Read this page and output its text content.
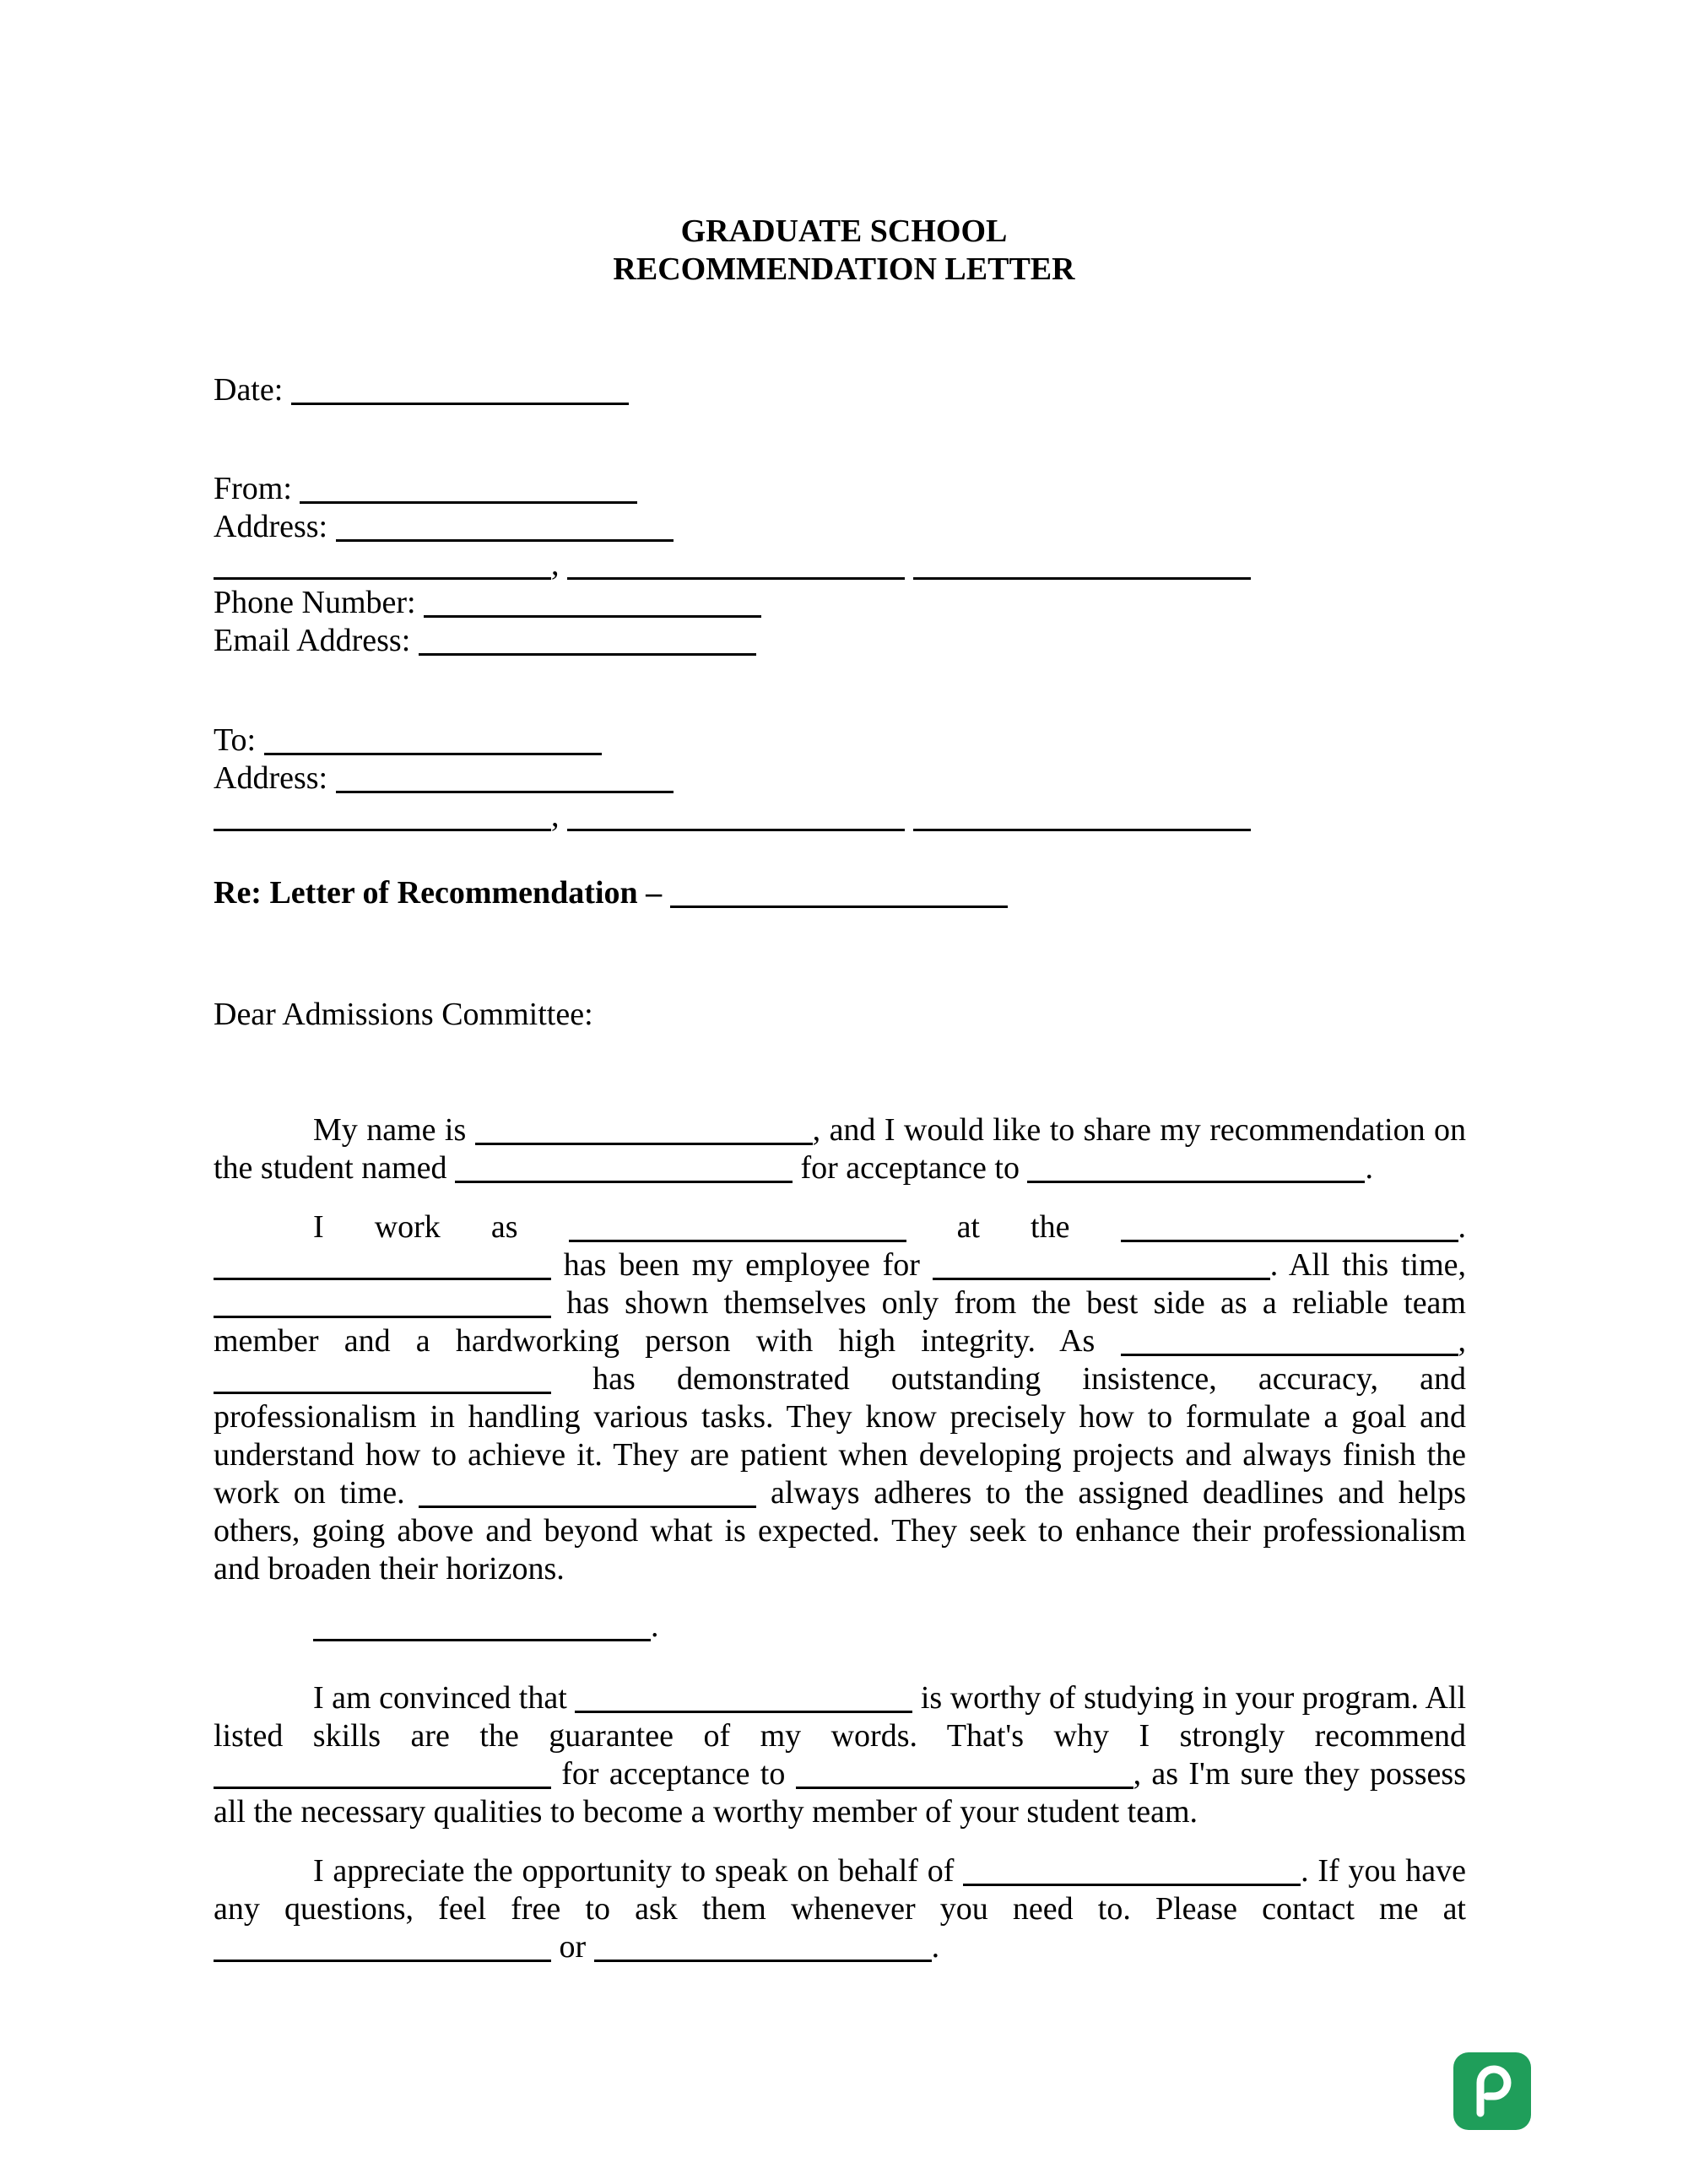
GRADUATE SCHOOL
RECOMMENDATION LETTER
Date:
From:
Address:
,
Phone Number:
Email Address:
To:
Address:
,
Re: Letter of Recommendation –
Dear Admissions Committee:
My name is	, and I would like to share my recommendation on the student named	for acceptance to	.
I work as	at the	.  has been my employee for	. All this time,  has shown themselves only from the best side as a reliable team member and a hardworking person with high integrity. As	,  has demonstrated outstanding insistence, accuracy, and professionalism in handling various tasks. They know precisely how to formulate a goal and understand how to achieve it. They are patient when developing projects and always finish the work on time.	always adheres to the assigned deadlines and helps others, going above and beyond what is expected. They seek to enhance their professionalism and broaden their horizons.
.
I am convinced that	is worthy of studying in your program. All listed skills are the guarantee of my words. That's why I strongly recommend  for acceptance to	, as I'm sure they possess all the necessary qualities to become a worthy member of your student team.
I appreciate the opportunity to speak on behalf of	. If you have any questions, feel free to ask them whenever you need to. Please contact me at  or	.
